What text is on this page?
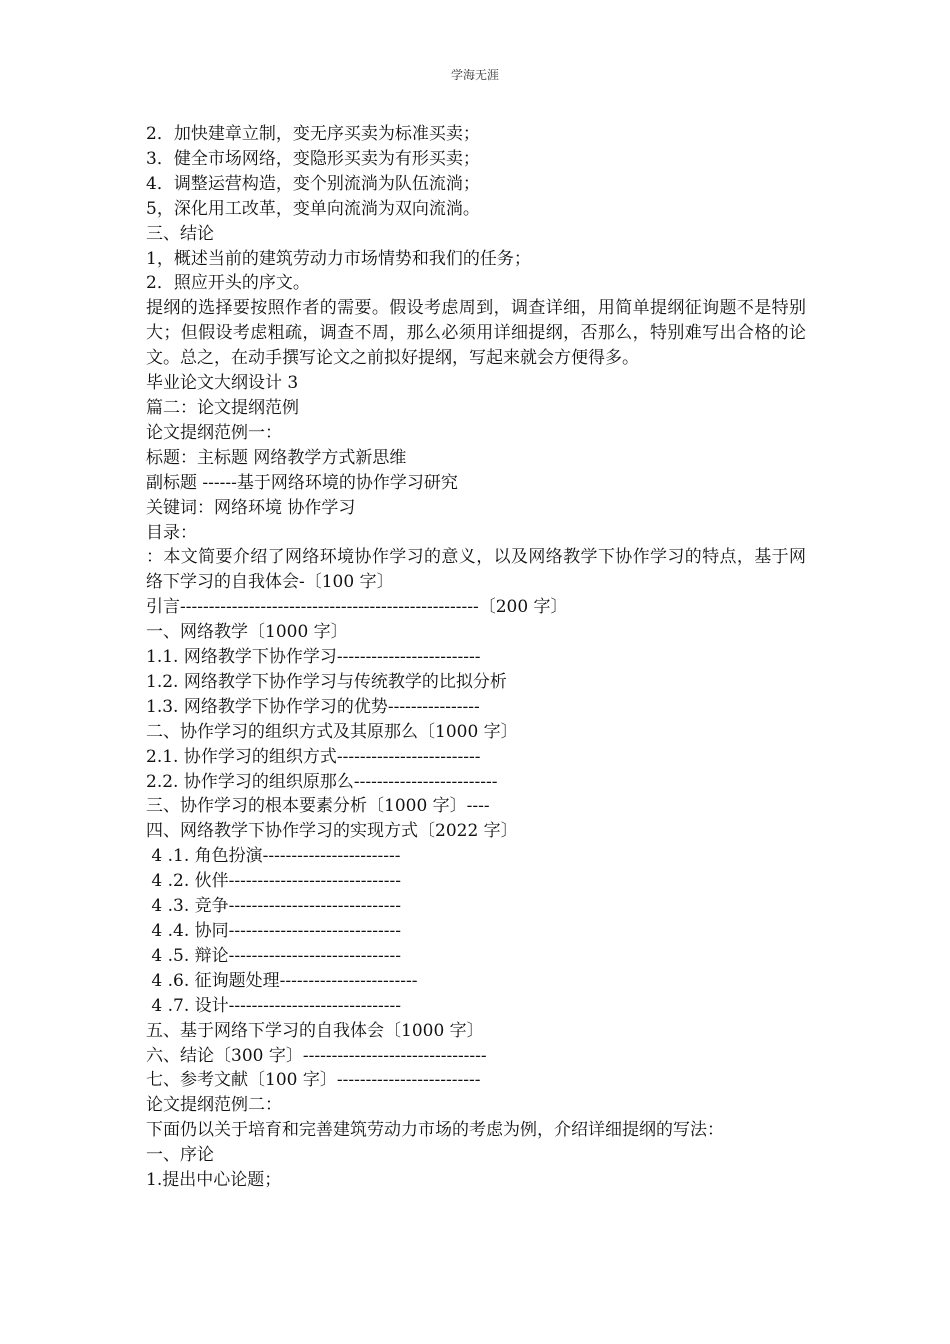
学海无涯
2．加快建章立制，变无序买卖为标准买卖；
3．健全市场网络，变隐形买卖为有形买卖；
4．调整运营构造，变个别流淌为队伍流淌；
5，深化用工改革，变单向流淌为双向流淌。
三、结论
1，概述当前的建筑劳动力市场情势和我们的任务；
2．照应开头的序文。
提纲的选择要按照作者的需要。假设考虑周到，调查详细，用简单提纲征询题不是特别大；但假设考虑粗疏，调查不周，那么必须用详细提纲，否那么，特别难写出合格的论文。总之，在动手撰写论文之前拟好提纲，写起来就会方便得多。
毕业论文大纲设计 3
篇二：论文提纲范例
论文提纲范例一：
标题：主标题 网络教学方式新思维
副标题 ------基于网络环境的协作学习研究
关键词：网络环境 协作学习
目录：
：本文简要介绍了网络环境协作学习的意义，以及网络教学下协作学习的特点，基于网络下学习的自我体会-〔100 字〕
引言----------------------------------------------------〔200 字〕
一、网络教学〔1000 字〕
1.1. 网络教学下协作学习-------------------------
1.2. 网络教学下协作学习与传统教学的比拟分析
1.3. 网络教学下协作学习的优势----------------
二、协作学习的组织方式及其原那么〔1000 字〕
2.1. 协作学习的组织方式-------------------------
2.2. 协作学习的组织原那么-------------------------
三、协作学习的根本要素分析〔1000 字〕----
四、网络教学下协作学习的实现方式〔2022 字〕
4 .1. 角色扮演------------------------
4 .2. 伙伴------------------------------
4 .3. 竞争------------------------------
4 .4. 协同------------------------------
4 .5. 辩论------------------------------
4 .6. 征询题处理------------------------
4 .7. 设计------------------------------
五、基于网络下学习的自我体会〔1000 字〕
六、结论〔300 字〕--------------------------------
七、参考文献〔100 字〕-------------------------
论文提纲范例二：
下面仍以关于培育和完善建筑劳动力市场的考虑为例，介绍详细提纲的写法：
一、序论
1.提出中心论题；
